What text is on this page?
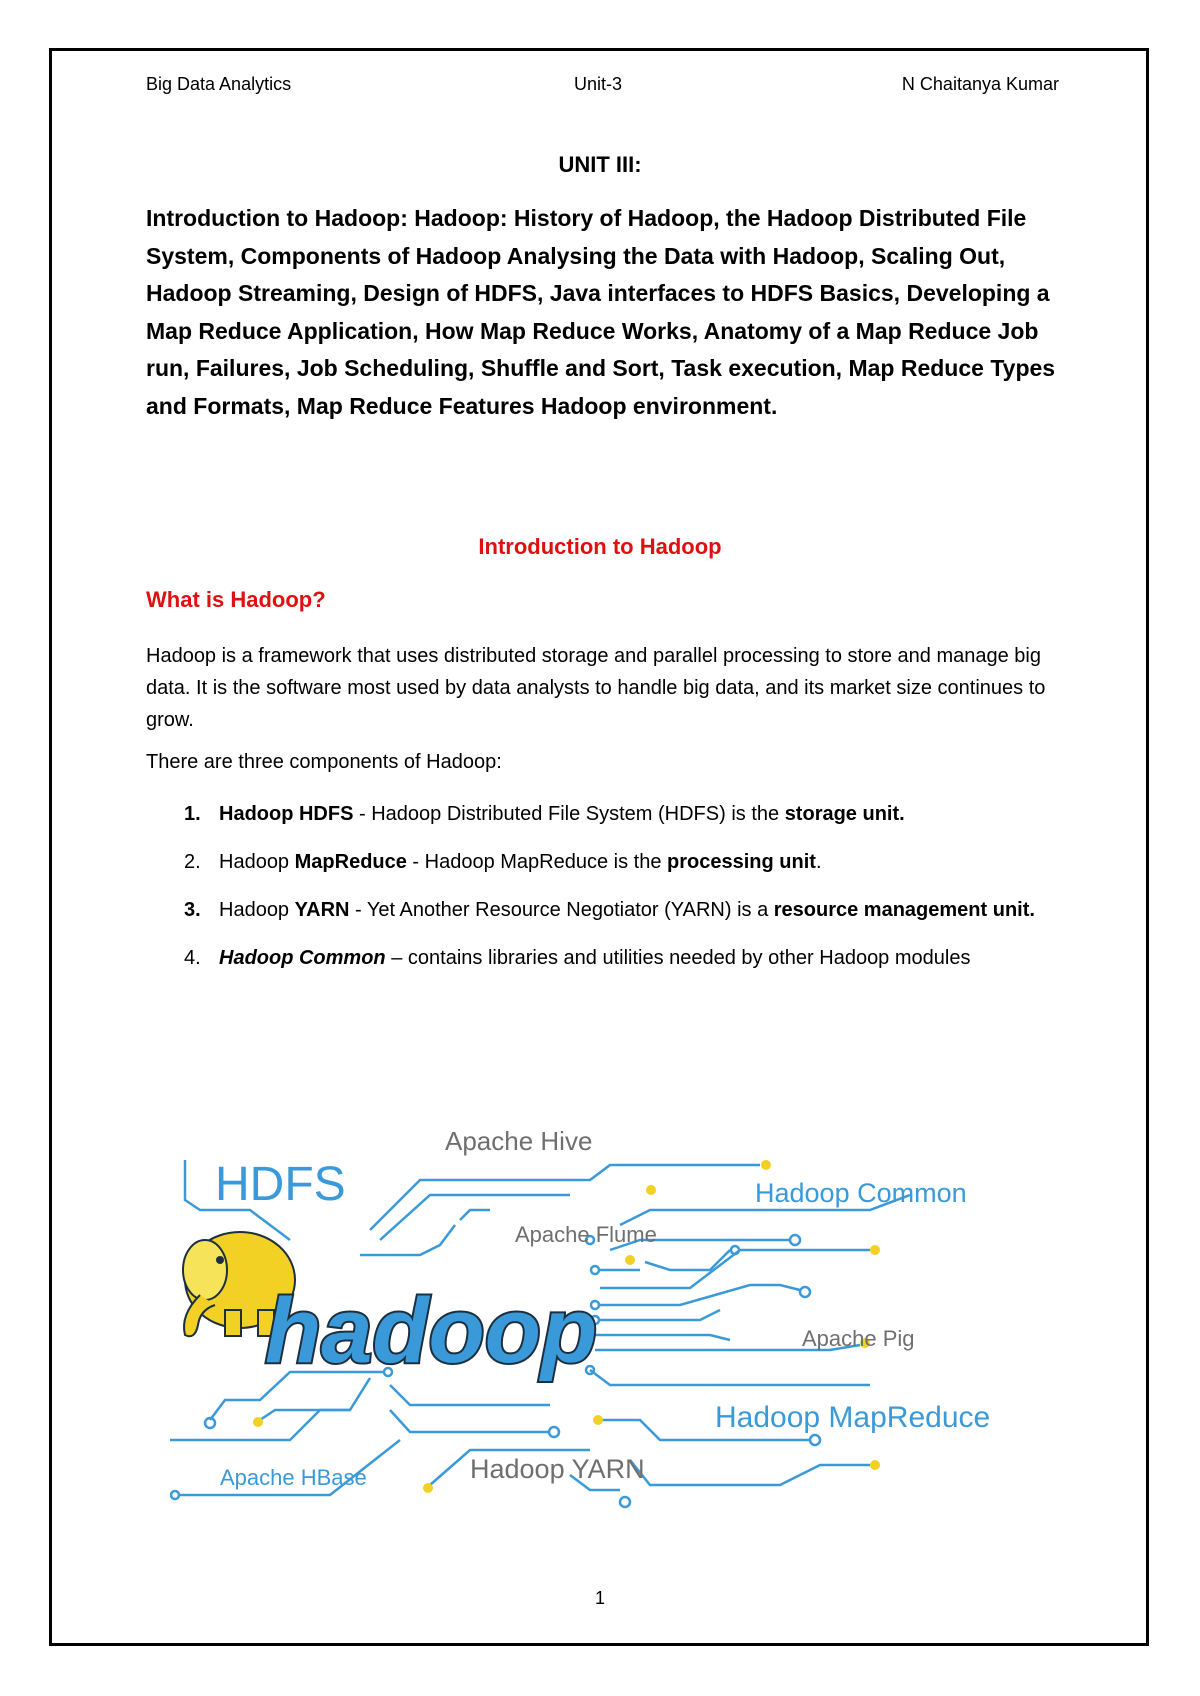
Big Data Analytics	Unit-3	N Chaitanya Kumar
UNIT III:
Introduction to Hadoop: Hadoop: History of Hadoop, the Hadoop Distributed File System, Components of Hadoop Analysing the Data with Hadoop, Scaling Out, Hadoop Streaming, Design of HDFS, Java interfaces to HDFS Basics, Developing a Map Reduce Application, How Map Reduce Works, Anatomy of a Map Reduce Job run, Failures, Job Scheduling, Shuffle and Sort, Task execution, Map Reduce Types and Formats, Map Reduce Features Hadoop environment.
Introduction to Hadoop
What is Hadoop?
Hadoop is a framework that uses distributed storage and parallel processing to store and manage big data. It is the software most used by data analysts to handle big data, and its market size continues to grow.
There are three components of Hadoop:
1. Hadoop HDFS - Hadoop Distributed File System (HDFS) is the storage unit.
2. Hadoop MapReduce - Hadoop MapReduce is the processing unit.
3. Hadoop YARN - Yet Another Resource Negotiator (YARN) is a resource management unit.
4. Hadoop Common – contains libraries and utilities needed by other Hadoop modules
hadoop
HDFS
Apache Hive
Hadoop Common
Apache Flume
Apache Pig
Hadoop MapReduce
Apache HBase	Hadoop YARN
1
